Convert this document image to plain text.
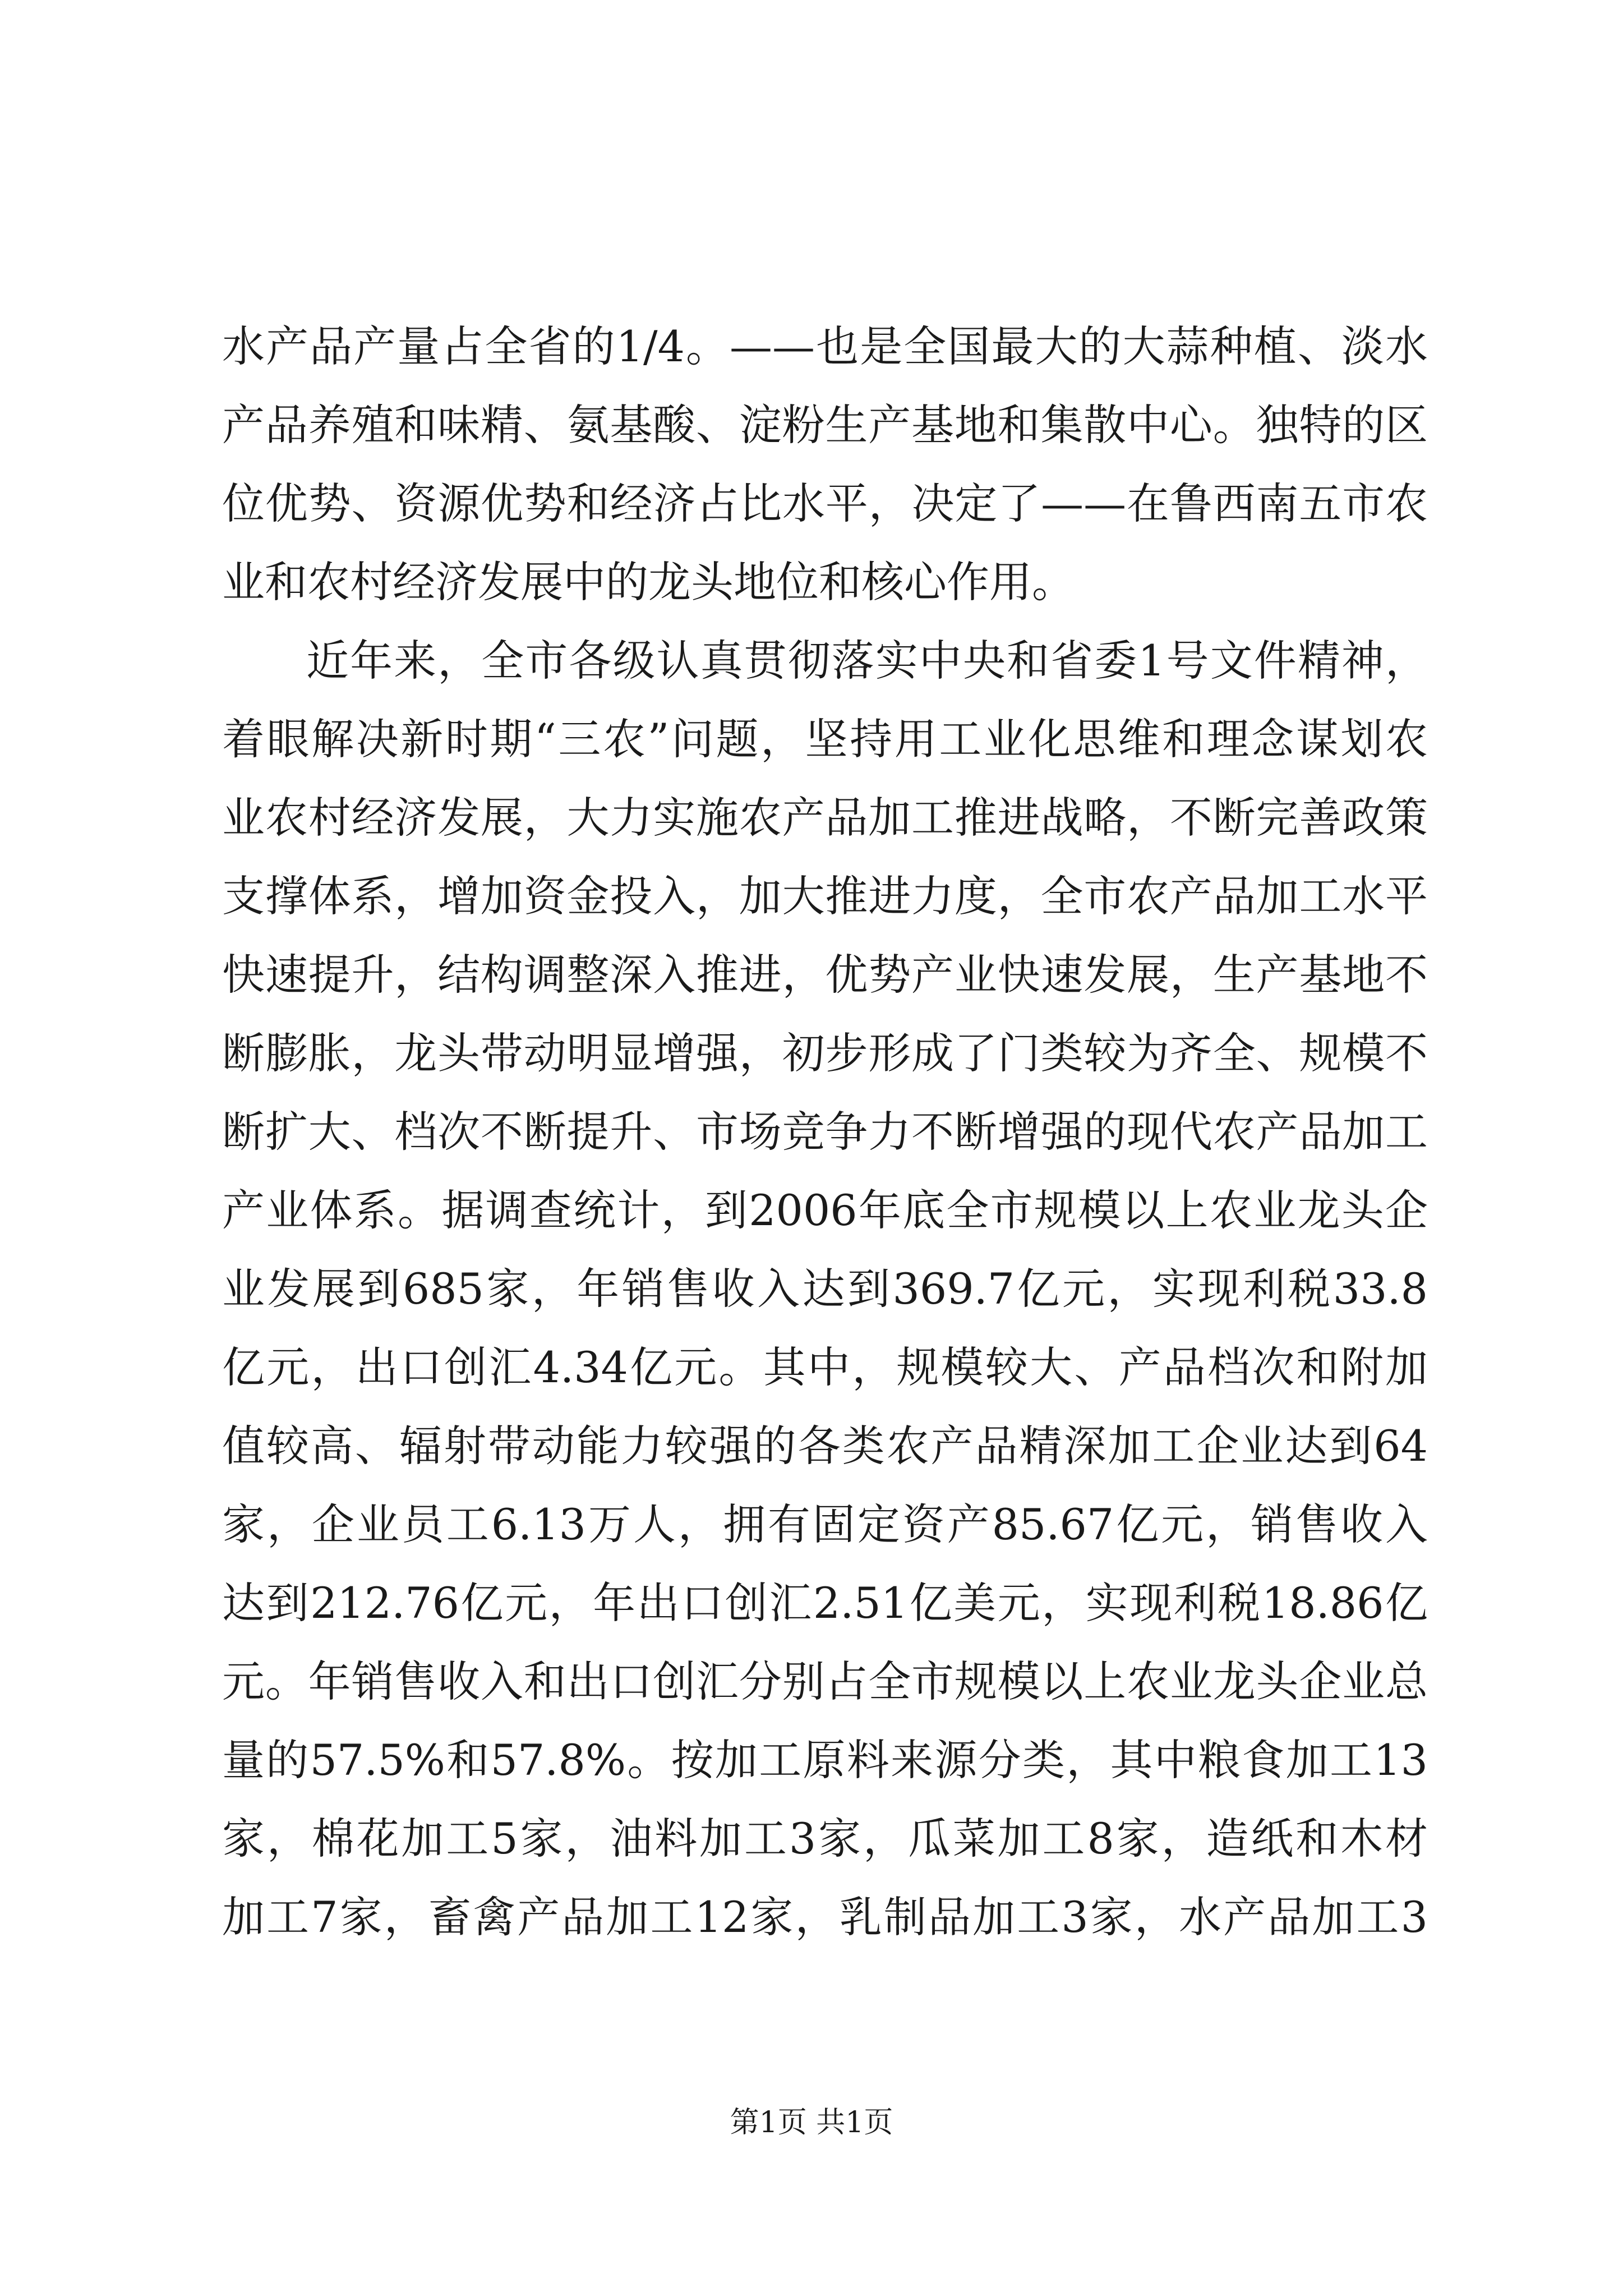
水产品产量占全省的1/4。——也是全国最大的大蒜种植、淡水
产品养殖和味精、氨基酸、淀粉生产基地和集散中心。独特的区
位优势、资源优势和经济占比水平，决定了——在鲁西南五市农
业和农村经济发展中的龙头地位和核心作用。
近年来，全市各级认真贯彻落实中央和省委1号文件精神，
着眼解决新时期“三农”问题，坚持用工业化思维和理念谋划农
业农村经济发展，大力实施农产品加工推进战略，不断完善政策
支撑体系，增加资金投入，加大推进力度，全市农产品加工水平
快速提升，结构调整深入推进，优势产业快速发展，生产基地不
断膨胀，龙头带动明显增强，初步形成了门类较为齐全、规模不
断扩大、档次不断提升、市场竞争力不断增强的现代农产品加工
产业体系。据调查统计，到2006年底全市规模以上农业龙头企
业发展到685家，年销售收入达到369.7亿元，实现利税33.8
亿元，出口创汇4.34亿元。其中，规模较大、产品档次和附加
值较高、辐射带动能力较强的各类农产品精深加工企业达到64
家，企业员工6.13万人，拥有固定资产85.67亿元，销售收入
达到212.76亿元，年出口创汇2.51亿美元，实现利税18.86亿
元。年销售收入和出口创汇分别占全市规模以上农业龙头企业总
量的57.5%和57.8%。按加工原料来源分类，其中粮食加工13
家，棉花加工5家，油料加工3家，瓜菜加工8家，造纸和木材
加工7家，畜禽产品加工12家，乳制品加工3家，水产品加工3
第1页 共1页
